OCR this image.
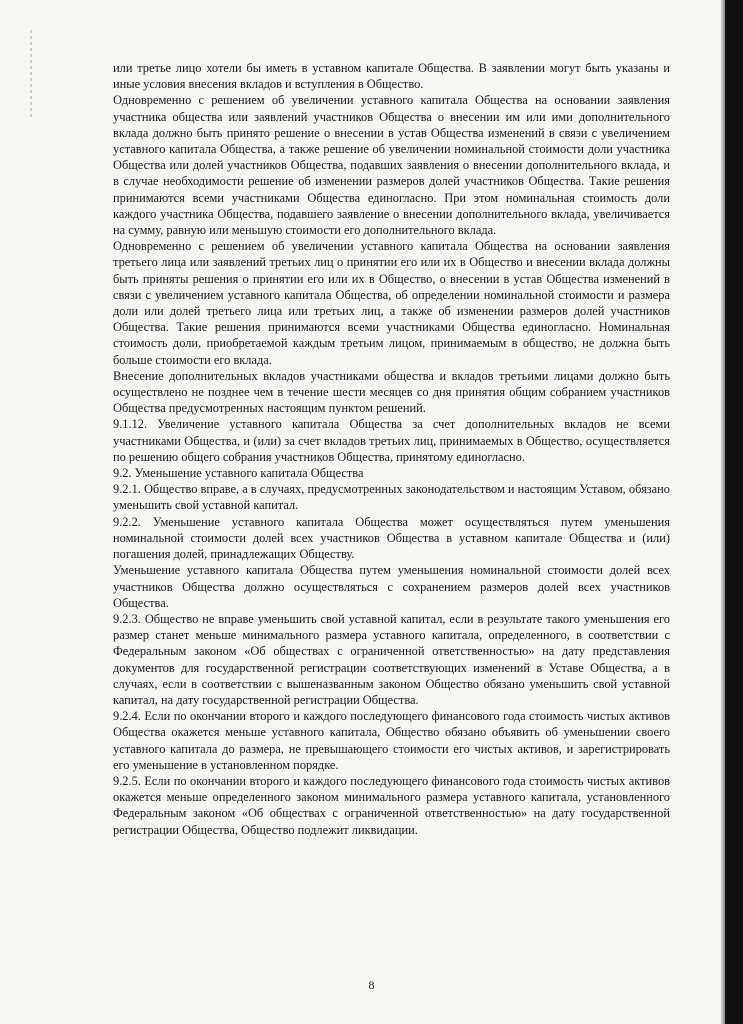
или третье лицо хотели бы иметь в уставном капитале Общества. В заявлении могут быть указаны и иные условия внесения вкладов и вступления в Общество.

Одновременно с решением об увеличении уставного капитала Общества на основании заявления участника общества или заявлений участников Общества о внесении им или ими дополнительного вклада должно быть принято решение о внесении в устав Общества изменений в связи с увеличением уставного капитала Общества, а также решение об увеличении номинальной стоимости доли участника Общества или долей участников Общества, подавших заявления о внесении дополнительного вклада, и в случае необходимости решение об изменении размеров долей участников Общества. Такие решения принимаются всеми участниками Общества единогласно. При этом номинальная стоимость доли каждого участника Общества, подавшего заявление о внесении дополнительного вклада, увеличивается на сумму, равную или меньшую стоимости его дополнительного вклада.

Одновременно с решением об увеличении уставного капитала Общества на основании заявления третьего лица или заявлений третьих лиц о принятии его или их в Общество и внесении вклада должны быть приняты решения о принятии его или их в Общество, о внесении в устав Общества изменений в связи с увеличением уставного капитала Общества, об определении номинальной стоимости и размера доли или долей третьего лица или третьих лиц, а также об изменении размеров долей участников Общества. Такие решения принимаются всеми участниками Общества единогласно. Номинальная стоимость доли, приобретаемой каждым третьим лицом, принимаемым в общество, не должна быть больше стоимости его вклада.

Внесение дополнительных вкладов участниками общества и вкладов третьими лицами должно быть осуществлено не позднее чем в течение шести месяцев со дня принятия общим собранием участников Общества предусмотренных настоящим пунктом решений.

9.1.12. Увеличение уставного капитала Общества за счет дополнительных вкладов не всеми участниками Общества, и (или) за счет вкладов третьих лиц, принимаемых в Общество, осуществляется по решению общего собрания участников Общества, принятому единогласно.

9.2. Уменьшение уставного капитала Общества

9.2.1. Общество вправе, а в случаях, предусмотренных законодательством и настоящим Уставом, обязано уменьшить свой уставной капитал.

9.2.2. Уменьшение уставного капитала Общества может осуществляться путем уменьшения номинальной стоимости долей всех участников Общества в уставном капитале Общества и (или) погашения долей, принадлежащих Обществу.

Уменьшение уставного капитала Общества путем уменьшения номинальной стоимости долей всех участников Общества должно осуществляться с сохранением размеров долей всех участников Общества.

9.2.3. Общество не вправе уменьшить свой уставной капитал, если в результате такого уменьшения его размер станет меньше минимального размера уставного капитала, определенного, в соответствии с Федеральным законом «Об обществах с ограниченной ответственностью» на дату представления документов для государственной регистрации соответствующих изменений в Уставе Общества, а в случаях, если в соответствии с вышеназванным законом Общество обязано уменьшить свой уставной капитал, на дату государственной регистрации Общества.

9.2.4. Если по окончании второго и каждого последующего финансового года стоимость чистых активов Общества окажется меньше уставного капитала, Общество обязано объявить об уменьшении своего уставного капитала до размера, не превышающего стоимости его чистых активов, и зарегистрировать его уменьшение в установленном порядке.

9.2.5. Если по окончании второго и каждого последующего финансового года стоимость чистых активов окажется меньше определенного законом минимального размера уставного капитала, установленного Федеральным законом «Об обществах с ограниченной ответственностью» на дату государственной регистрации Общества, Общество подлежит ликвидации.

8
